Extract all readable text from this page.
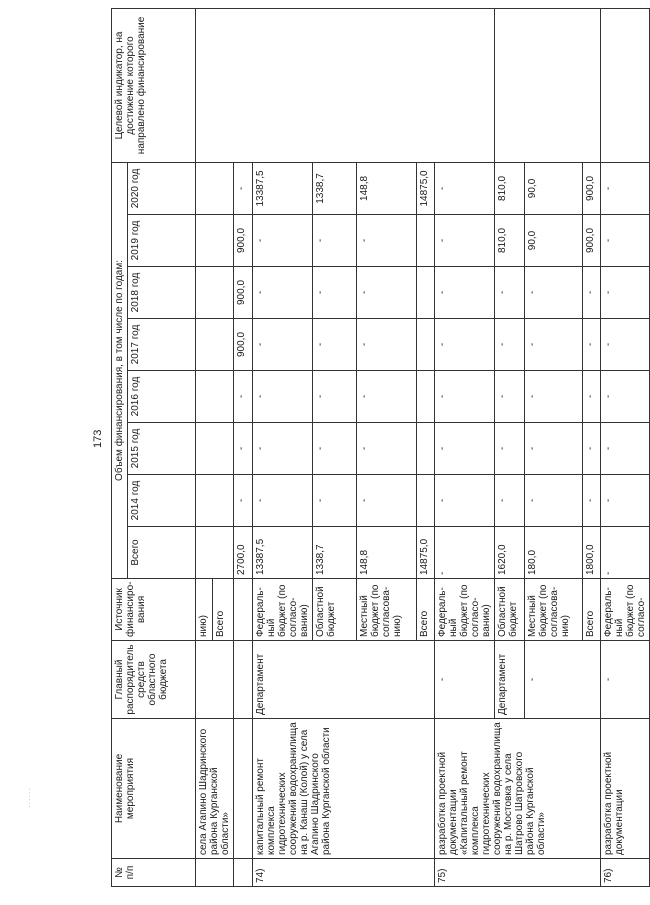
173
......
№ п/п	Наименование мероприятия	Главный распорядитель средств областного бюджета	Источник финансиро-вания	Объем финансирования, в том числе по годам:								Целевой индикатор, на достижение которого направлено финансирование	
				Всего	2014 год	2015 год	2016 год	2017 год	2018 год	2019 год	2020 год		
	села Агапино Шадринского района Курганской области»		нию)										
			Всего										
				2700,0	-	-	-	900,0	900,0	900,0	-		
74)	капитальный ремонт комплекса гидротехнических сооружений водохранилища на р. Канаш (Колой) у села Агапино Шадринского района Курганской области	Департамент	Федераль-ный бюджет (по согласо-ванию)	13387,5	-	-	-	-	-	-	13387,5		
			Областной бюджет	1338,7	-	-	-	-	-	-	1338,7		
			Местный бюджет (по согласова-нию)	148,8	-	-	-	-	-	-	148,8		
			Всего	14875,0							14875,0		
75)	разработка проектной документации «Капитальный ремонт комплекса гидротехнических сооружений водохранилища на р. Мостовка у села Шатрово Шатровского района Курганской области»	-	Федераль-ный бюджет (по согласо-ванию)	-	-	-	-	-	-	-	-		
		Департамент	Областной бюджет	1620,0	-	-	-	-	-	810,0	810,0		
		-	Местный бюджет (по согласова-нию)	180,0	-	-	-	-	-	90,0	90,0		
			Всего	1800,0	-	-	-	-	-	900,0	900,0		
76)	разработка проектной документации	-	Федераль-ный бюджет (по согласо-	-	-	-	-	-	-	-	-		
